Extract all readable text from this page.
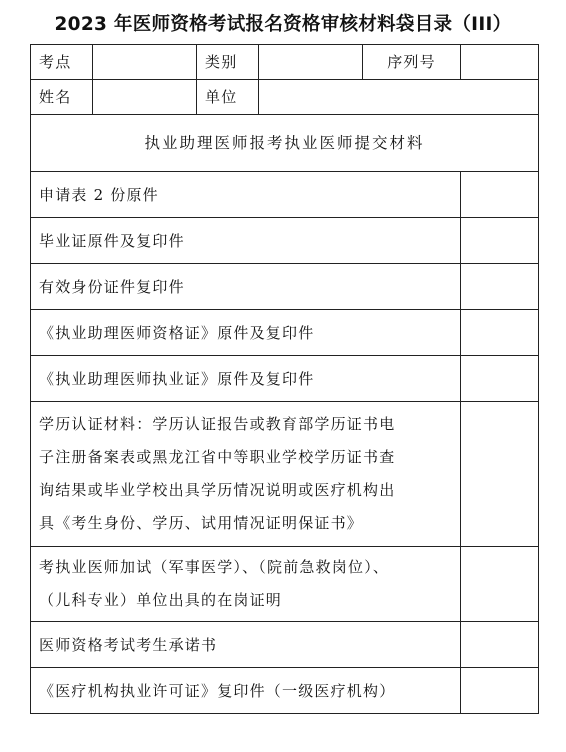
2023 年医师资格考试报名资格审核材料袋目录（III）
考点		类别		序列号	
姓名		单位			
执业助理医师报考执业医师提交材料					
申请表 2 份原件					
毕业证原件及复印件					
有效身份证件复印件					
《执业助理医师资格证》原件及复印件					
《执业助理医师执业证》原件及复印件					

学历认证材料：学历认证报告或教育部学历证书电
子注册备案表或黑龙江省中等职业学校学历证书查
询结果或毕业学校出具学历情况说明或医疗机构出
具《考生身份、学历、试用情况证明保证书》					

考执业医师加试（军事医学）、（院前急救岗位）、
（儿科专业）单位出具的在岗证明					

医师资格考试考生承诺书					
《医疗机构执业许可证》复印件（一级医疗机构）					
